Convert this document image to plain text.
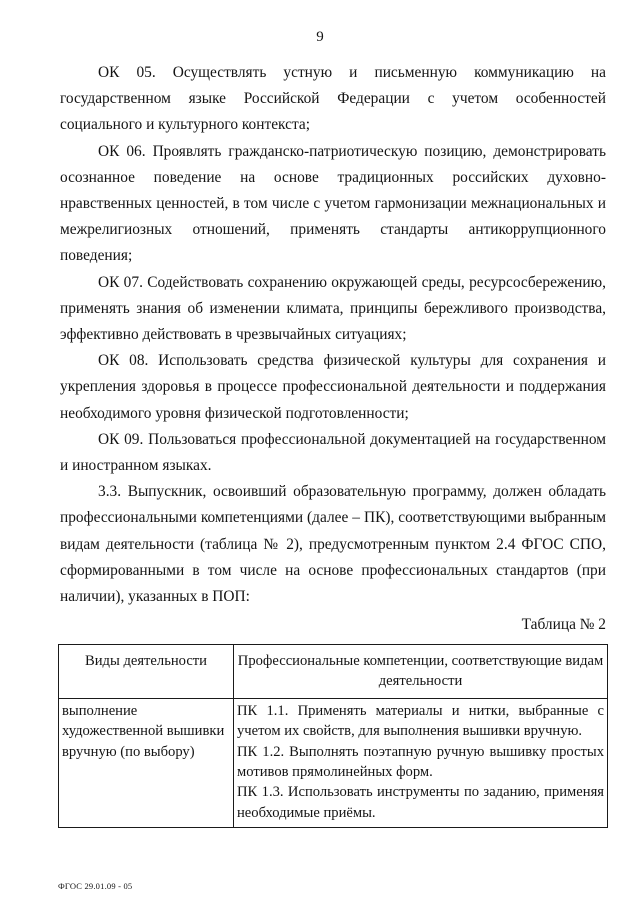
9

ОК 05. Осуществлять устную и письменную коммуникацию на государственном языке Российской Федерации с учетом особенностей социального и культурного контекста;

ОК 06. Проявлять гражданско-патриотическую позицию, демонстрировать осознанное поведение на основе традиционных российских духовно-нравственных ценностей, в том числе с учетом гармонизации межнациональных и межрелигиозных отношений, применять стандарты антикоррупционного поведения;

ОК 07. Содействовать сохранению окружающей среды, ресурсосбережению, применять знания об изменении климата, принципы бережливого производства, эффективно действовать в чрезвычайных ситуациях;

ОК 08. Использовать средства физической культуры для сохранения и укрепления здоровья в процессе профессиональной деятельности и поддержания необходимого уровня физической подготовленности;

ОК 09. Пользоваться профессиональной документацией на государственном и иностранном языках.

3.3. Выпускник, освоивший образовательную программу, должен обладать профессиональными компетенциями (далее – ПК), соответствующими выбранным видам деятельности (таблица № 2), предусмотренным пунктом 2.4 ФГОС СПО, сформированными в том числе на основе профессиональных стандартов (при наличии), указанных в ПОП:

Таблица № 2
Виды деятельности	Профессиональные компетенции, соответствующие видам деятельности

выполнение художественной вышивки вручную (по выбору)	ПК 1.1. Применять материалы и нитки, выбранные с учетом их свойств, для выполнения вышивки вручную.

ПК 1.2. Выполнять поэтапную ручную вышивку простых мотивов прямолинейных форм.

ПК 1.3. Использовать инструменты по заданию, применяя необходимые приёмы.

ФГОС 29.01.09 - 05
